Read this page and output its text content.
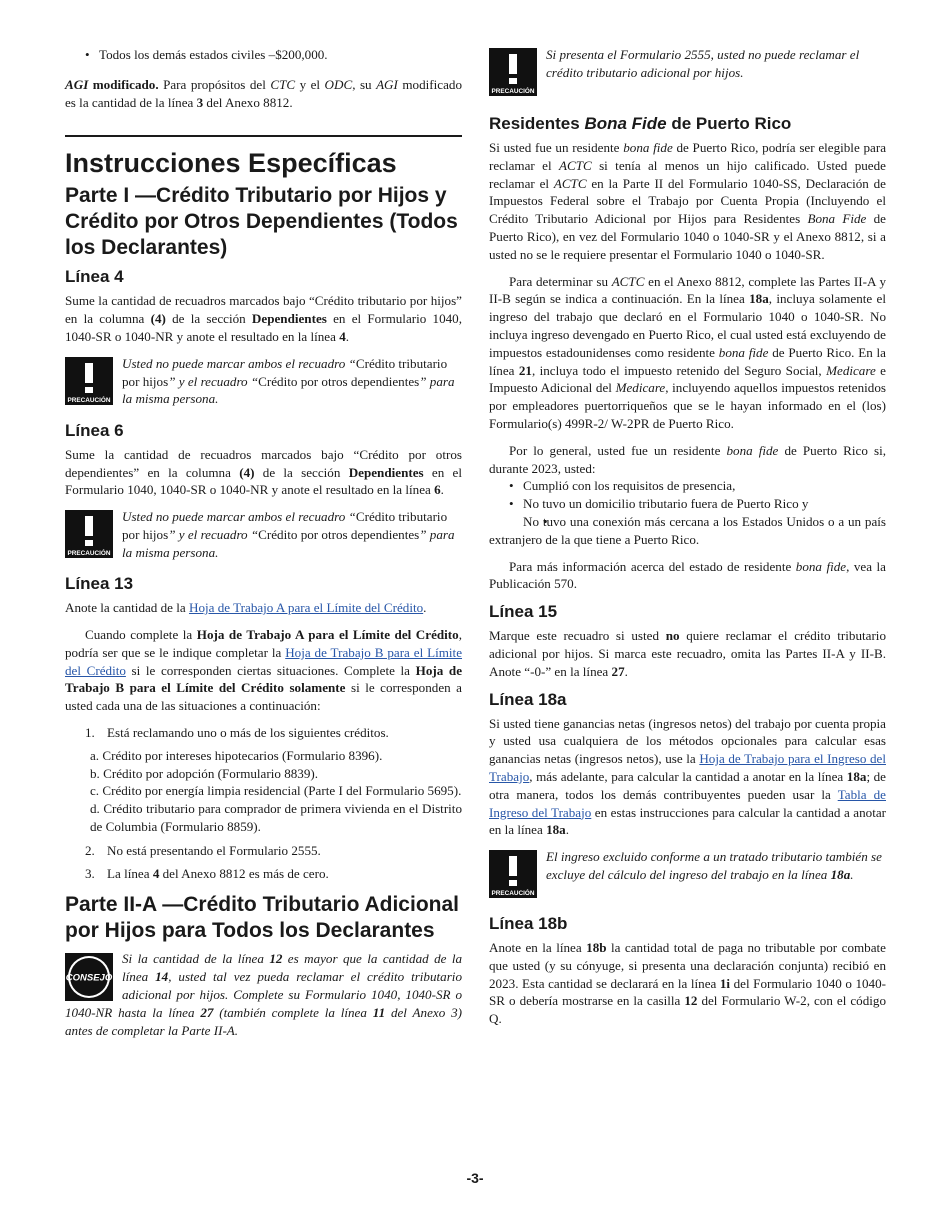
• Todos los demás estados civiles –$200,000.

AGI modificado. Para propósitos del CTC y el ODC, su AGI modificado es la cantidad de la línea 3 del Anexo 8812.

Instrucciones Específicas
Parte I —Crédito Tributario por Hijos y Crédito por Otros Dependientes (Todos los Declarantes)
Línea 4

Sume la cantidad de recuadros marcados bajo “Crédito tributario por hijos” en la columna (4) de la sección Dependientes en el Formulario 1040, 1040-SR o 1040-NR y anote el resultado en la línea 4.

PRECAUCIÓN
Usted no puede marcar ambos el recuadro “Crédito tributario por hijos” y el recuadro “Crédito por otros dependientes” para la misma persona.
Línea 6

Sume la cantidad de recuadros marcados bajo “Crédito por otros dependientes” en la columna (4) de la sección Dependientes en el Formulario 1040, 1040-SR o 1040-NR y anote el resultado en la línea 6.

PRECAUCIÓN
Usted no puede marcar ambos el recuadro “Crédito tributario por hijos” y el recuadro “Crédito por otros dependientes” para la misma persona.
Línea 13

Anote la cantidad de la Hoja de Trabajo A para el Límite del Crédito.

Cuando complete la Hoja de Trabajo A para el Límite del Crédito, podría ser que se le indique completar la Hoja de Trabajo B para el Límite del Crédito si le corresponden ciertas situaciones. Complete la Hoja de Trabajo B para el Límite del Crédito solamente si le corresponden a usted cada una de las situaciones a continuación:

1. Está reclamando uno o más de los siguientes créditos.
a. Crédito por intereses hipotecarios (Formulario 8396).
b. Crédito por adopción (Formulario 8839).
c. Crédito por energía limpia residencial (Parte I del Formulario 5695).
d. Crédito tributario para comprador de primera vivienda en el Distrito de Columbia (Formulario 8859).
2. No está presentando el Formulario 2555.
3. La línea 4 del Anexo 8812 es más de cero.
Parte II-A —Crédito Tributario Adicional por Hijos para Todos los Declarantes
CONSEJO
Si la cantidad de la línea 12 es mayor que la cantidad de la línea 14, usted tal vez pueda reclamar el crédito tributario adicional por hijos. Complete su Formulario 1040, 1040-SR o 1040-NR hasta la línea 27 (también complete la línea 11 del Anexo 3) antes de completar la Parte II-A.
PRECAUCIÓN
Si presenta el Formulario 2555, usted no puede reclamar el crédito tributario adicional por hijos.
Residentes Bona Fide de Puerto Rico

Si usted fue un residente bona fide de Puerto Rico, podría ser elegible para reclamar el ACTC si tenía al menos un hijo calificado. Usted puede reclamar el ACTC en la Parte II del Formulario 1040-SS, Declaración de Impuestos Federal sobre el Trabajo por Cuenta Propia (Incluyendo el Crédito Tributario Adicional por Hijos para Residentes Bona Fide de Puerto Rico), en vez del Formulario 1040 o 1040-SR y el Anexo 8812, si a usted no se le requiere presentar el Formulario 1040 o 1040-SR.

Para determinar su ACTC en el Anexo 8812, complete las Partes II-A y II-B según se indica a continuación. En la línea 18a, incluya solamente el ingreso del trabajo que declaró en el Formulario 1040 o 1040-SR. No incluya ingreso devengado en Puerto Rico, el cual usted está excluyendo de impuestos estadounidenses como residente bona fide de Puerto Rico. En la línea 21, incluya todo el impuesto retenido del Seguro Social, Medicare e Impuesto Adicional del Medicare, incluyendo aquellos impuestos retenidos por empleadores puertorriqueños que se le hayan informado en el (los) Formulario(s) 499R-2/ W-2PR de Puerto Rico.

Por lo general, usted fue un residente bona fide de Puerto Rico si, durante 2023, usted:

• Cumplió con los requisitos de presencia,

• No tuvo un domicilio tributario fuera de Puerto Rico y

• No tuvo una conexión más cercana a los Estados Unidos o a un país extranjero de la que tiene a Puerto Rico.

Para más información acerca del estado de residente bona fide, vea la Publicación 570.

Línea 15

Marque este recuadro si usted no quiere reclamar el crédito tributario adicional por hijos. Si marca este recuadro, omita las Partes II-A y II-B. Anote “-0-” en la línea 27.

Línea 18a

Si usted tiene ganancias netas (ingresos netos) del trabajo por cuenta propia y usted usa cualquiera de los métodos opcionales para calcular esas ganancias netas (ingresos netos), use la Hoja de Trabajo para el Ingreso del Trabajo, más adelante, para calcular la cantidad a anotar en la línea 18a; de otra manera, todos los demás contribuyentes pueden usar la Tabla de Ingreso del Trabajo en estas instrucciones para calcular la cantidad a anotar en la línea 18a.

PRECAUCIÓN
El ingreso excluido conforme a un tratado tributario también se excluye del cálculo del ingreso del trabajo en la línea 18a.
Línea 18b

Anote en la línea 18b la cantidad total de paga no tributable por combate que usted (y su cónyuge, si presenta una declaración conjunta) recibió en 2023. Esta cantidad se declarará en la línea 1i del Formulario 1040 o 1040-SR o debería mostrarse en la casilla 12 del Formulario W-2, con el código Q.

-3-
